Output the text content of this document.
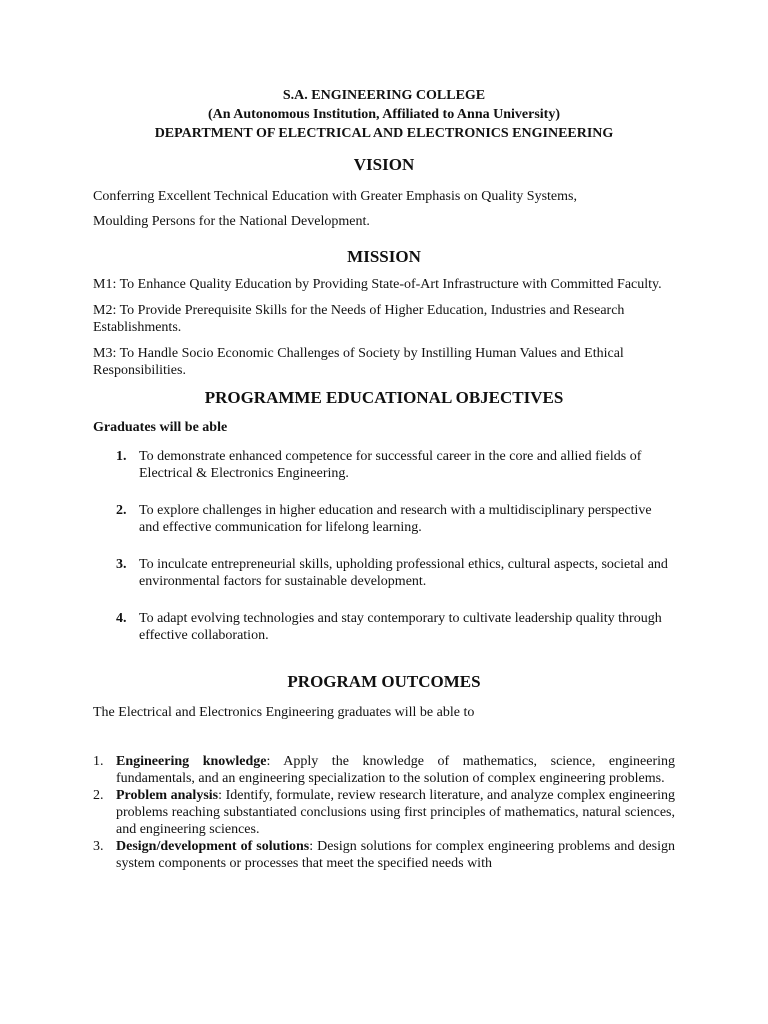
S.A. ENGINEERING COLLEGE
(An Autonomous Institution, Affiliated to Anna University)
DEPARTMENT OF ELECTRICAL AND ELECTRONICS ENGINEERING
VISION
Conferring Excellent Technical Education with Greater Emphasis on Quality Systems,
Moulding Persons for the National Development.
MISSION
M1: To Enhance Quality Education by Providing State-of-Art Infrastructure with Committed Faculty.
M2: To Provide Prerequisite Skills for the Needs of Higher Education, Industries and Research Establishments.
M3: To Handle Socio Economic Challenges of Society by Instilling Human Values and Ethical Responsibilities.
PROGRAMME EDUCATIONAL OBJECTIVES
Graduates will be able
1. To demonstrate enhanced competence for successful career in the core and allied fields of Electrical & Electronics Engineering.
2. To explore challenges in higher education and research with a multidisciplinary perspective and effective communication for lifelong learning.
3. To inculcate entrepreneurial skills, upholding professional ethics, cultural aspects, societal and environmental factors for sustainable development.
4. To adapt evolving technologies and stay contemporary to cultivate leadership quality through effective collaboration.
PROGRAM OUTCOMES
The Electrical and Electronics Engineering graduates will be able to
1. Engineering knowledge: Apply the knowledge of mathematics, science, engineering fundamentals, and an engineering specialization to the solution of complex engineering problems.
2. Problem analysis: Identify, formulate, review research literature, and analyze complex engineering problems reaching substantiated conclusions using first principles of mathematics, natural sciences, and engineering sciences.
3. Design/development of solutions: Design solutions for complex engineering problems and design system components or processes that meet the specified needs with
